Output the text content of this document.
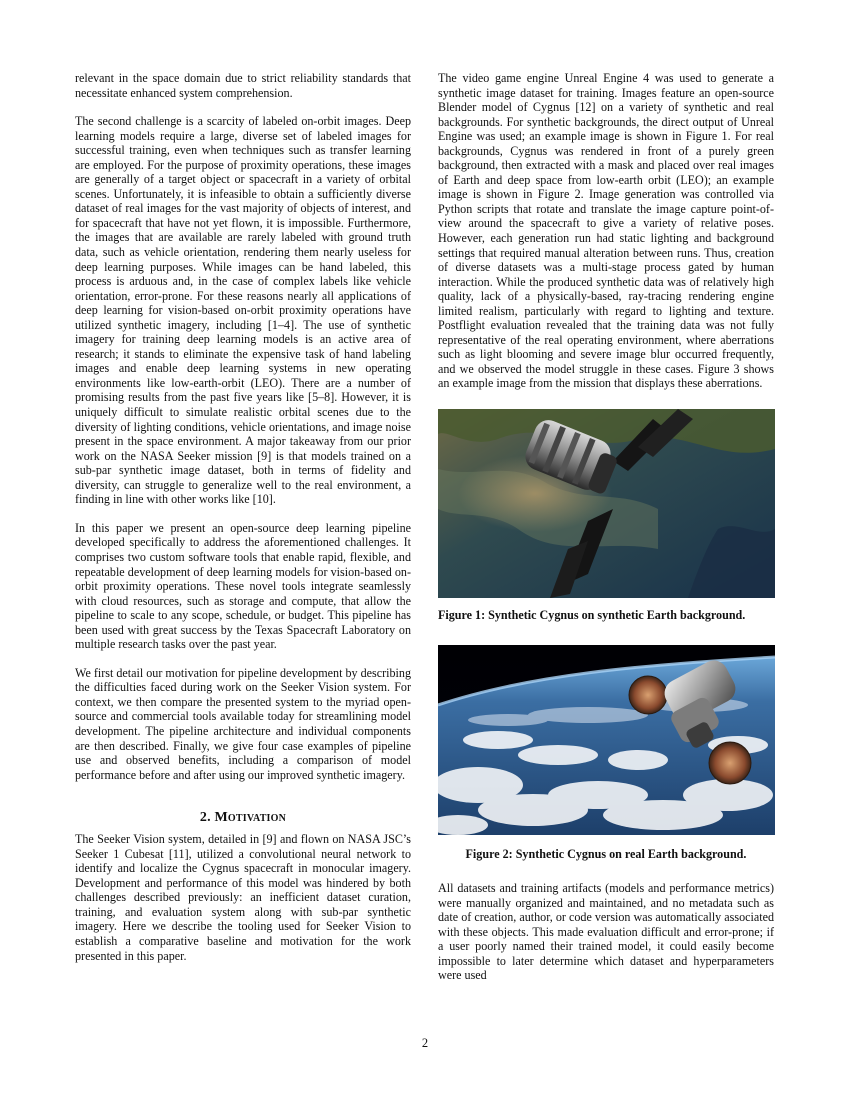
relevant in the space domain due to strict reliability standards that necessitate enhanced system comprehension.

The second challenge is a scarcity of labeled on-orbit images. Deep learning models require a large, diverse set of labeled images for successful training, even when techniques such as transfer learning are employed. For the purpose of proximity operations, these images are generally of a target object or spacecraft in a variety of orbital scenes. Unfortunately, it is infeasible to obtain a sufficiently diverse dataset of real images for the vast majority of objects of interest, and for spacecraft that have not yet flown, it is impossible. Furthermore, the images that are available are rarely labeled with ground truth data, such as vehicle orientation, rendering them nearly useless for deep learning purposes. While images can be hand labeled, this process is arduous and, in the case of complex labels like vehicle orientation, error-prone. For these reasons nearly all applications of deep learning for vision-based on-orbit proximity operations have utilized synthetic imagery, including [1–4]. The use of synthetic imagery for training deep learning models is an active area of research; it stands to eliminate the expensive task of hand labeling images and enable deep learning systems in new operating environments like low-earth-orbit (LEO). There are a number of promising results from the past five years like [5–8]. However, it is uniquely difficult to simulate realistic orbital scenes due to the diversity of lighting conditions, vehicle orientations, and image noise present in the space environment. A major takeaway from our prior work on the NASA Seeker mission [9] is that models trained on a sub-par synthetic image dataset, both in terms of fidelity and diversity, can struggle to generalize well to the real environment, a finding in line with other works like [10].

In this paper we present an open-source deep learning pipeline developed specifically to address the aforementioned challenges. It comprises two custom software tools that enable rapid, flexible, and repeatable development of deep learning models for vision-based on-orbit proximity operations. These novel tools integrate seamlessly with cloud resources, such as storage and compute, that allow the pipeline to scale to any scope, schedule, or budget. This pipeline has been used with great success by the Texas Spacecraft Laboratory on multiple research tasks over the past year.

We first detail our motivation for pipeline development by describing the difficulties faced during work on the Seeker Vision system. For context, we then compare the presented system to the myriad open-source and commercial tools available today for streamlining model development. The pipeline architecture and individual components are then described. Finally, we give four case examples of pipeline use and observed benefits, including a comparison of model performance before and after using our improved synthetic imagery.

2. Motivation

The Seeker Vision system, detailed in [9] and flown on NASA JSC’s Seeker 1 Cubesat [11], utilized a convolutional neural network to identify and localize the Cygnus spacecraft in monocular imagery. Development and performance of this model was hindered by both challenges described previously: an inefficient dataset curation, training, and evaluation system along with sub-par synthetic imagery. Here we describe the tooling used for Seeker Vision to establish a comparative baseline and motivation for the work presented in this paper.

The video game engine Unreal Engine 4 was used to generate a synthetic image dataset for training. Images feature an open-source Blender model of Cygnus [12] on a variety of synthetic and real backgrounds. For synthetic backgrounds, the direct output of Unreal Engine was used; an example image is shown in Figure 1. For real backgrounds, Cygnus was rendered in front of a purely green background, then extracted with a mask and placed over real images of Earth and deep space from low-earth orbit (LEO); an example image is shown in Figure 2. Image generation was controlled via Python scripts that rotate and translate the image capture point-of-view around the spacecraft to give a variety of relative poses. However, each generation run had static lighting and background settings that required manual alteration between runs. Thus, creation of diverse datasets was a multi-stage process gated by human interaction. While the produced synthetic data was of relatively high quality, lack of a physically-based, ray-tracing rendering engine limited realism, particularly with regard to lighting and texture. Postflight evaluation revealed that the training data was not fully representative of the real operating environment, where aberrations such as light blooming and severe image blur occurred frequently, and we observed the model struggle in these cases. Figure 3 shows an example image from the mission that displays these aberrations.

Figure 1: Synthetic Cygnus on synthetic Earth background.
Figure 2: Synthetic Cygnus on real Earth background.

All datasets and training artifacts (models and performance metrics) were manually organized and maintained, and no metadata such as date of creation, author, or code version was automatically associated with these objects. This made evaluation difficult and error-prone; if a user poorly named their trained model, it could easily become impossible to later determine which dataset and hyperparameters were used

2
